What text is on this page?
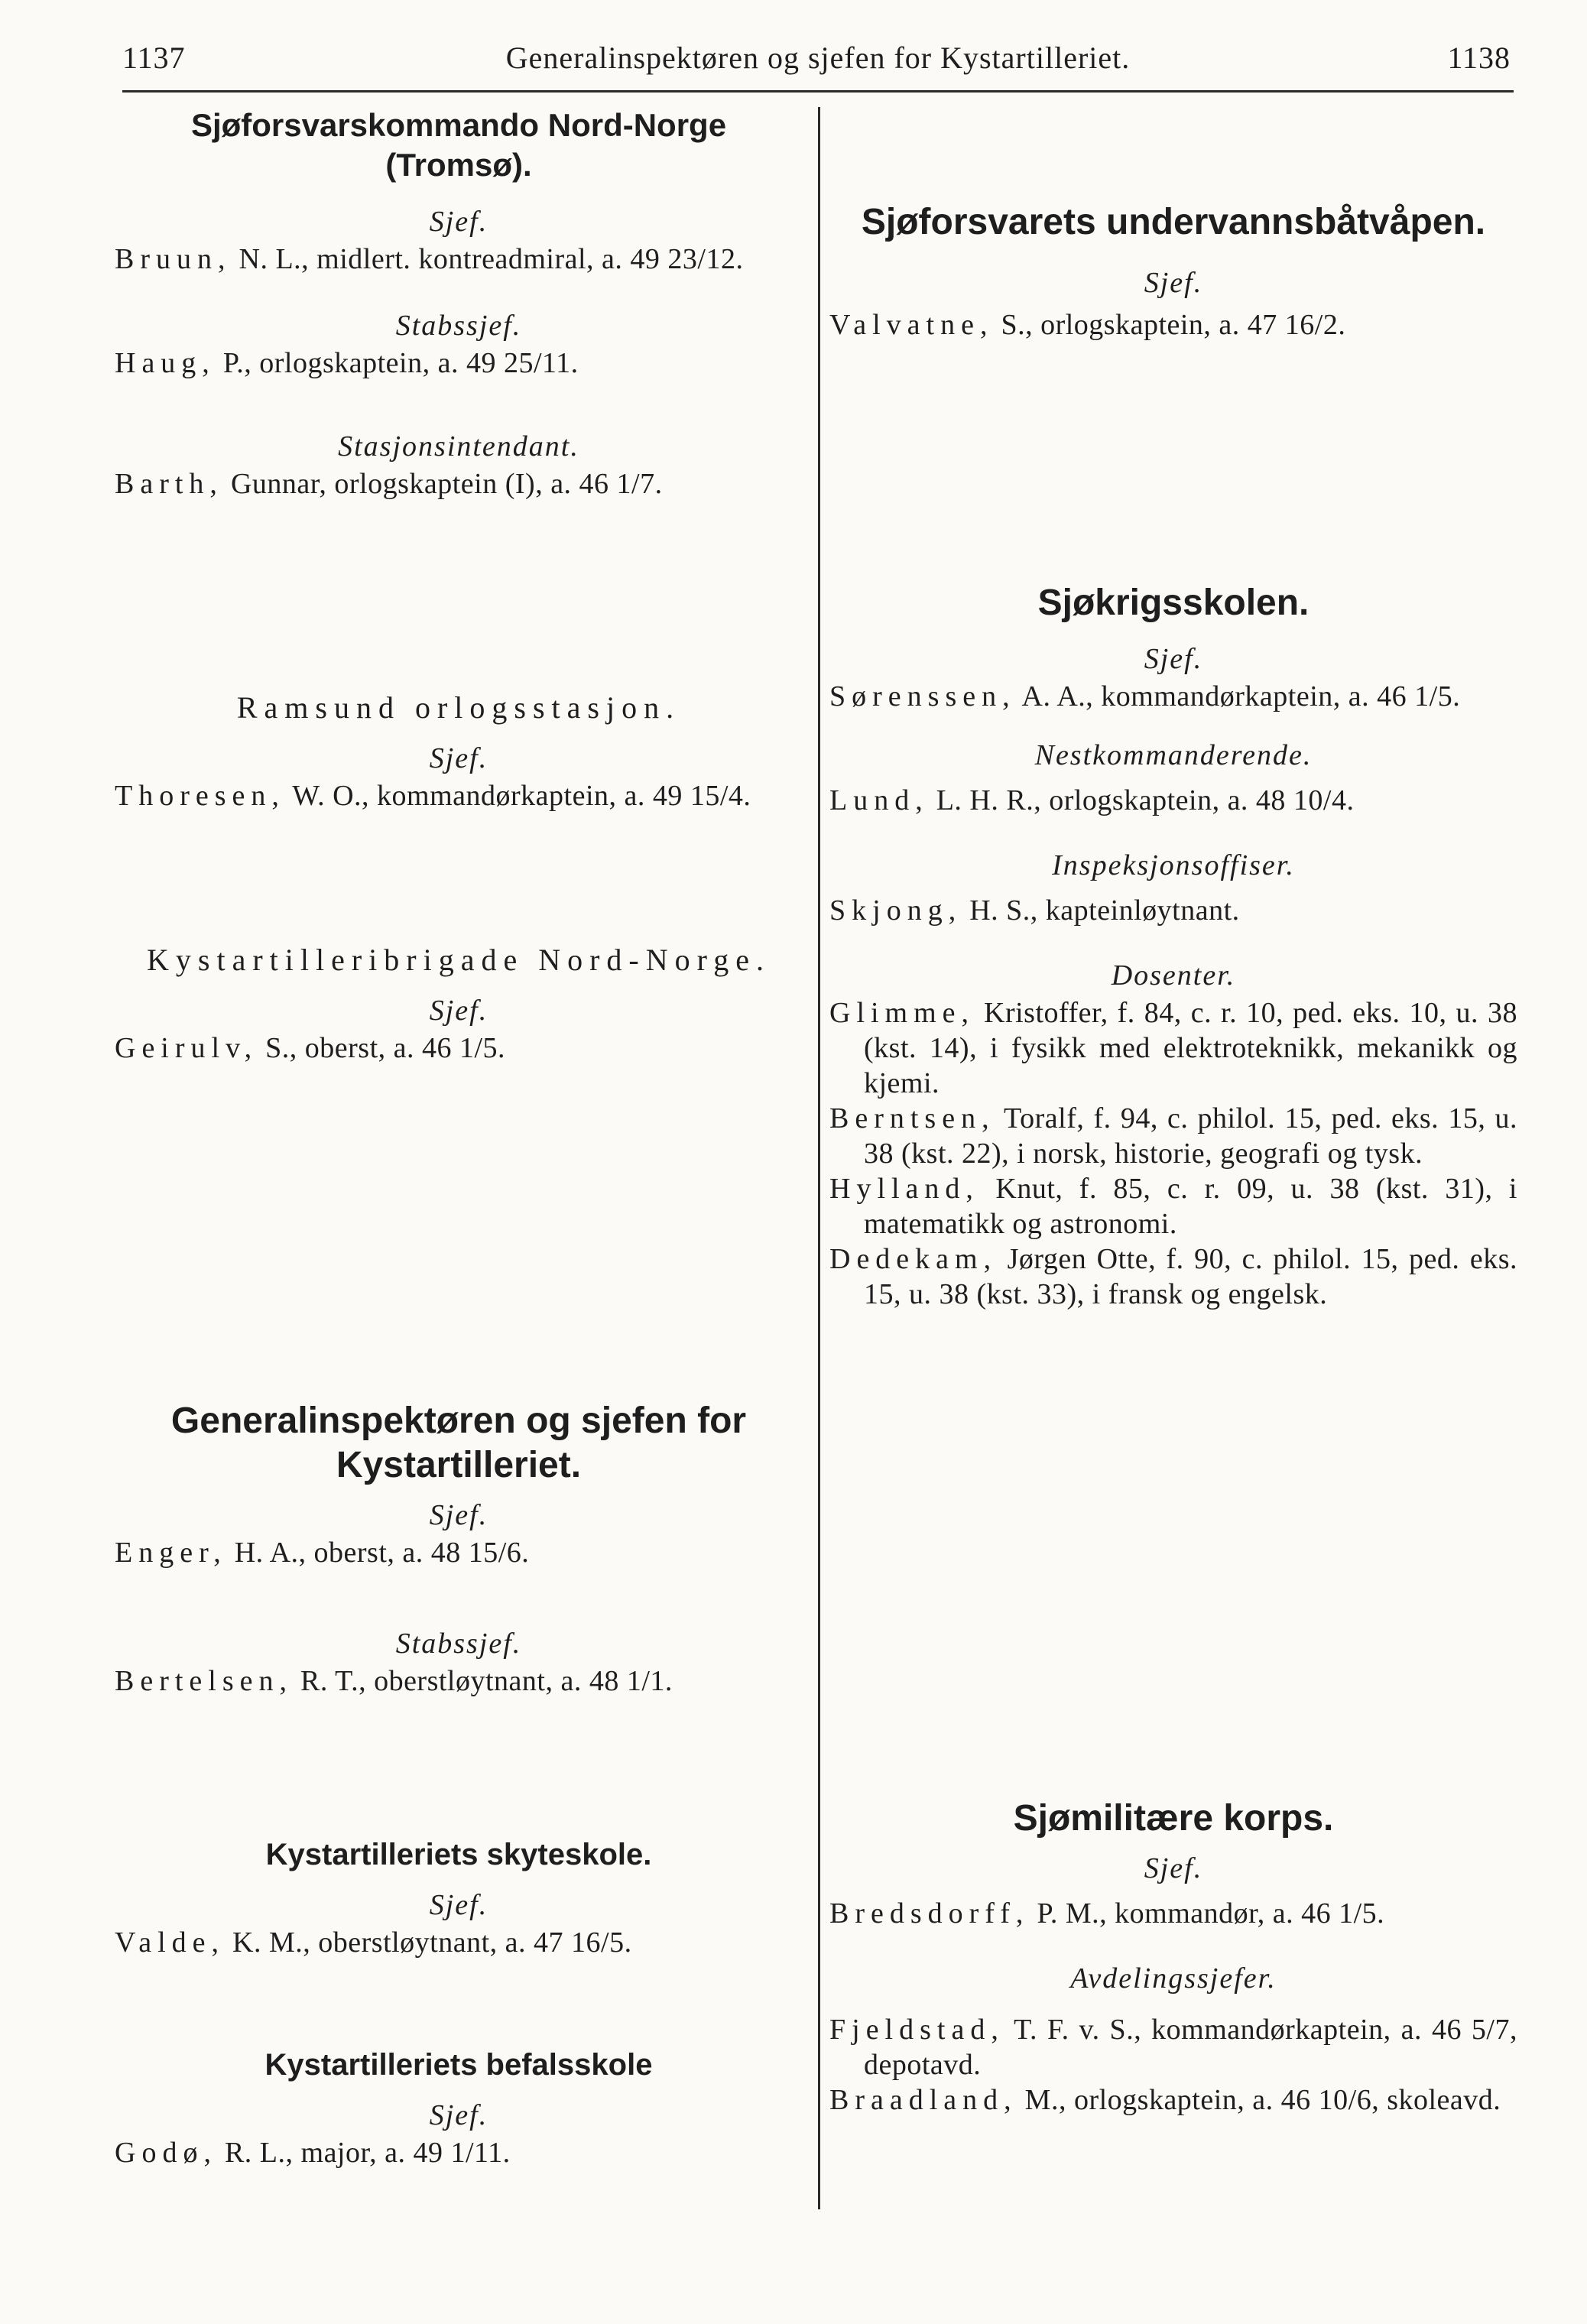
1137	Generalinspektøren og sjefen for Kystartilleriet.	1138
Sjøforsvarskommando Nord-Norge (Tromsø).
Sjef.
Bruun, N. L., midlert. kontreadmiral, a. 49 23/12.
Stabssjef.
Haug, P., orlogskaptein, a. 49 25/11.
Stasjonsintendant.
Barth, Gunnar, orlogskaptein (I), a. 46 1/7.
Ramsund orlogsstasjon.
Sjef.
Thoresen, W. O., kommandørkaptein, a. 49 15/4.
Kystartilleribrigade Nord-Norge.
Sjef.
Geirulv, S., oberst, a. 46 1/5.
Generalinspektøren og sjefen for Kystartilleriet.
Sjef.
Enger, H. A., oberst, a. 48 15/6.
Stabssjef.
Bertelsen, R. T., oberstløytnant, a. 48 1/1.
Kystartilleriets skyteskole.
Sjef.
Valde, K. M., oberstløytnant, a. 47 16/5.
Kystartilleriets befalsskole
Sjef.
Godø, R. L., major, a. 49 1/11.
Sjøforsvarets undervannsbåtvåpen.
Sjef.
Valvatne, S., orlogskaptein, a. 47 16/2.
Sjøkrigsskolen.
Sjef.
Sørenssen, A. A., kommandørkaptein, a. 46 1/5.
Nestkommanderende.
Lund, L. H. R., orlogskaptein, a. 48 10/4.
Inspeksjonsoffiser.
Skjong, H. S., kapteinløytnant.
Dosenter.
Glimme, Kristoffer, f. 84, c. r. 10, ped. eks. 10, u. 38 (kst. 14), i fysikk med elektroteknikk, mekanikk og kjemi.
Berntsen, Toralf, f. 94, c. philol. 15, ped. eks. 15, u. 38 (kst. 22), i norsk, historie, geografi og tysk.
Hylland, Knut, f. 85, c. r. 09, u. 38 (kst. 31), i matematikk og astronomi.
Dedekam, Jørgen Otte, f. 90, c. philol. 15, ped. eks. 15, u. 38 (kst. 33), i fransk og engelsk.
Sjømilitære korps.
Sjef.
Bredsdorff, P. M., kommandør, a. 46 1/5.
Avdelingssjefer.
Fjeldstad, T. F. v. S., kommandørkaptein, a. 46 5/7, depotavd.
Braadland, M., orlogskaptein, a. 46 10/6, skoleavd.
